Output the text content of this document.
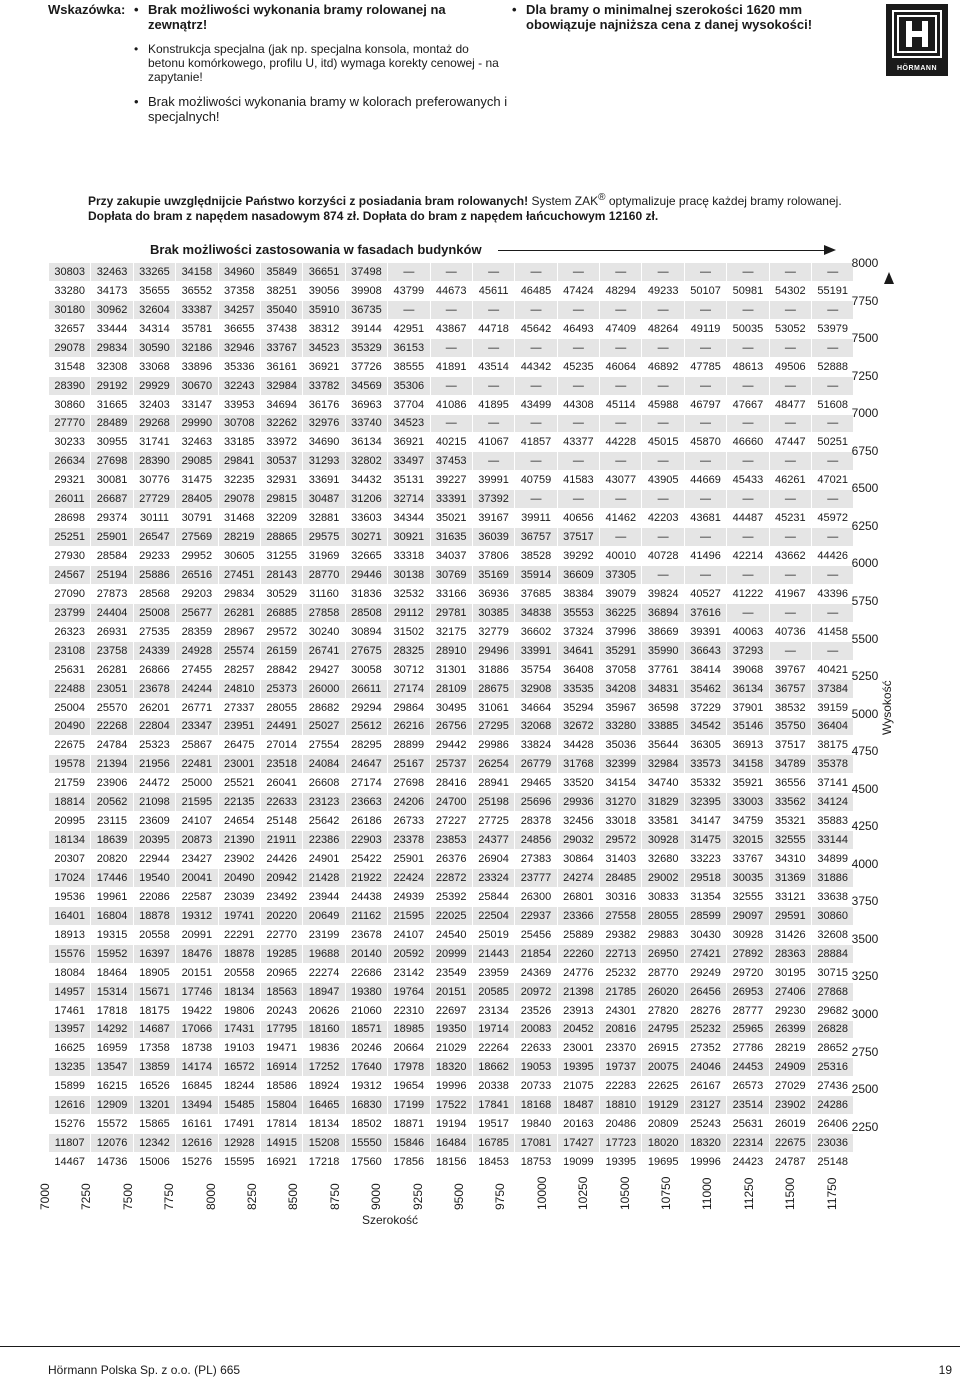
Wskazówka:	• Brak możliwości wykonania bramy rolowanej na zewnątrz!
• Konstrukcja specjalna (jak np. specjalna konsola, montaż do betonu komórkowego, profilu U, itd) wymaga korekty cenowej - na zapytanie!
• Brak możliwości wykonania bramy w kolorach preferowanych i specjalnych!
• Dla bramy o minimalnej szerokości 1620 mm obowiązuje najniższa cena z danej wysokości!
HÖRMANN
Przy zakupie uwzględnijcie Państwo korzyści z posiadania bram rolowanych! System ZAK® optymalizuje pracę każdej bramy rolowanej.
Dopłata do bram z napędem nasadowym 874 zł. Dopłata do bram z napędem łańcuchowym 12160 zł.
Brak możliwości zastosowania w fasadach budynków
30803	32463	33265	34158	34960	35849	36651	37498	—	—	—	—	—	—	—	—	—	—	—
33280	34173	35655	36552	37358	38251	39056	39908	43799	44673	45611	46485	47424	48294	49233	50107	50981	54302	55191
30180	30962	32604	33387	34257	35040	35910	36735	—	—	—	—	—	—	—	—	—	—	—
32657	33444	34314	35781	36655	37438	38312	39144	42951	43867	44718	45642	46493	47409	48264	49119	50035	53052	53979
29078	29834	30590	32186	32946	33767	34523	35329	36153	—	—	—	—	—	—	—	—	—	—
31548	32308	33068	33896	35336	36161	36921	37726	38555	41891	43514	44342	45235	46064	46892	47785	48613	49506	52888
28390	29192	29929	30670	32243	32984	33782	34569	35306	—	—	—	—	—	—	—	—	—	—
30860	31665	32403	33147	33953	34694	36176	36963	37704	41086	41895	43499	44308	45114	45988	46797	47667	48477	51608
27770	28489	29268	29990	30708	32262	32976	33740	34523	—	—	—	—	—	—	—	—	—	—
30233	30955	31741	32463	33185	33972	34690	36134	36921	40215	41067	41857	43377	44228	45015	45870	46660	47447	50251
26634	27698	28390	29085	29841	30537	31293	32802	33497	37453	—	—	—	—	—	—	—	—	—
29321	30081	30776	31475	32235	32931	33691	34432	35131	39227	39991	40759	41583	43077	43905	44669	45433	46261	47021
26011	26687	27729	28405	29078	29815	30487	31206	32714	33391	37392	—	—	—	—	—	—	—	—
28698	29374	30111	30791	31468	32209	32881	33603	34344	35021	39167	39911	40656	41462	42203	43681	44487	45231	45972
25251	25901	26547	27569	28219	28865	29575	30271	30921	31635	36039	36757	37517	—	—	—	—	—	—
27930	28584	29233	29952	30605	31255	31969	32665	33318	34037	37806	38528	39292	40010	40728	41496	42214	43662	44426
24567	25194	25886	26516	27451	28143	28770	29446	30138	30769	35169	35914	36609	37305	—	—	—	—	—
27090	27873	28568	29203	29834	30529	31160	31836	32532	33166	36936	37685	38384	39079	39824	40527	41222	41967	43396
23799	24404	25008	25677	26281	26885	27858	28508	29112	29781	30385	34838	35553	36225	36894	37616	—	—	—
26323	26931	27535	28359	28967	29572	30240	30894	31502	32175	32779	36602	37324	37996	38669	39391	40063	40736	41458
23108	23758	24339	24928	25574	26159	26741	27675	28325	28910	29496	33991	34641	35291	35990	36643	37293	—	—
25631	26281	26866	27455	28257	28842	29427	30058	30712	31301	31886	35754	36408	37058	37761	38414	39068	39767	40421
22488	23051	23678	24244	24810	25373	26000	26611	27174	28109	28675	32908	33535	34208	34831	35462	36134	36757	37384
25004	25570	26201	26771	27337	28055	28682	29294	29864	30495	31061	34664	35294	35967	36598	37229	37901	38532	39159
20490	22268	22804	23347	23951	24491	25027	25612	26216	26756	27295	32068	32672	33280	33885	34542	35146	35750	36404
22675	24784	25323	25867	26475	27014	27554	28295	28899	29442	29986	33824	34428	35036	35644	36305	36913	37517	38175
19578	21394	21956	22481	23001	23518	24084	24647	25167	25737	26254	26779	31768	32399	32984	33573	34158	34789	35378
21759	23906	24472	25000	25521	26041	26608	27174	27698	28416	28941	29465	33520	34154	34740	35332	35921	36556	37141
18814	20562	21098	21595	22135	22633	23123	23663	24206	24700	25198	25696	29936	31270	31829	32395	33003	33562	34124
20995	23115	23609	24107	24654	25148	25642	26186	26733	27227	27725	28378	32456	33018	33581	34147	34759	35321	35883
18134	18639	20395	20873	21390	21911	22386	22903	23378	23853	24377	24856	29032	29572	30928	31475	32015	32555	33144
20307	20820	22944	23427	23902	24426	24901	25422	25901	26376	26904	27383	30864	31403	32680	33223	33767	34310	34899
17024	17446	19540	20041	20490	20942	21428	21922	22424	22872	23324	23777	24274	28485	29002	29518	30035	31369	31886
19536	19961	22086	22587	23039	23492	23944	24438	24939	25392	25844	26300	26801	30316	30833	31354	32555	33121	33638
16401	16804	18878	19312	19741	20220	20649	21162	21595	22025	22504	22937	23366	27558	28055	28599	29097	29591	30860
18913	19315	20558	20991	22291	22770	23199	23678	24107	24540	25019	25456	25889	29382	29883	30430	30928	31426	32608
15576	15952	16397	18476	18878	19285	19688	20140	20592	20999	21443	21854	22260	22713	26950	27421	27892	28363	28884
18084	18464	18905	20151	20558	20965	22274	22686	23142	23549	23959	24369	24776	25232	28770	29249	29720	30195	30715
14957	15314	15671	17746	18134	18563	18947	19380	19764	20151	20585	20972	21398	21785	26020	26456	26953	27406	27868
17461	17818	18175	19422	19806	20243	20626	21060	22310	22697	23134	23526	23913	24301	27820	28276	28777	29230	29682
13957	14292	14687	17066	17431	17795	18160	18571	18985	19350	19714	20083	20452	20816	24795	25232	25965	26399	26828
16625	16959	17358	18738	19103	19471	19836	20246	20664	21029	22264	22633	23001	23370	26915	27352	27786	28219	28652
13235	13547	13859	14174	16572	16914	17252	17640	17978	18320	18662	19053	19395	19737	20075	24046	24453	24909	25316
15899	16215	16526	16845	18244	18586	18924	19312	19654	19996	20338	20733	21075	22283	22625	26167	26573	27029	27436
12616	12909	13201	13494	15485	15804	16465	16830	17199	17522	17841	18168	18487	18810	19129	23127	23514	23902	24286
15276	15572	15865	16161	17491	17814	18134	18502	18871	19194	19517	19840	20163	20486	20809	25243	25631	26019	26406
11807	12076	12342	12616	12928	14915	15208	15550	15846	16484	16785	17081	17427	17723	18020	18320	22314	22675	23036
14467	14736	15006	15276	15595	16921	17218	17560	17856	18156	18453	18753	19099	19395	19695	19996	24423	24787	25148
8000
7750
7500
7250
7000
6750
6500
6250
6000
5750
5500
5250
5000
4750
4500
4250
4000
3750
3500
3250
3000
2750
2500
2250
Wysokość
7000 7250 7500 7750 8000 8250 8500 8750 9000 9250 9500 9750 10000 10250 10500 10750 11000 11250 11500 11750
Szerokość
Hörmann Polska Sp. z o.o. (PL) 665	19
